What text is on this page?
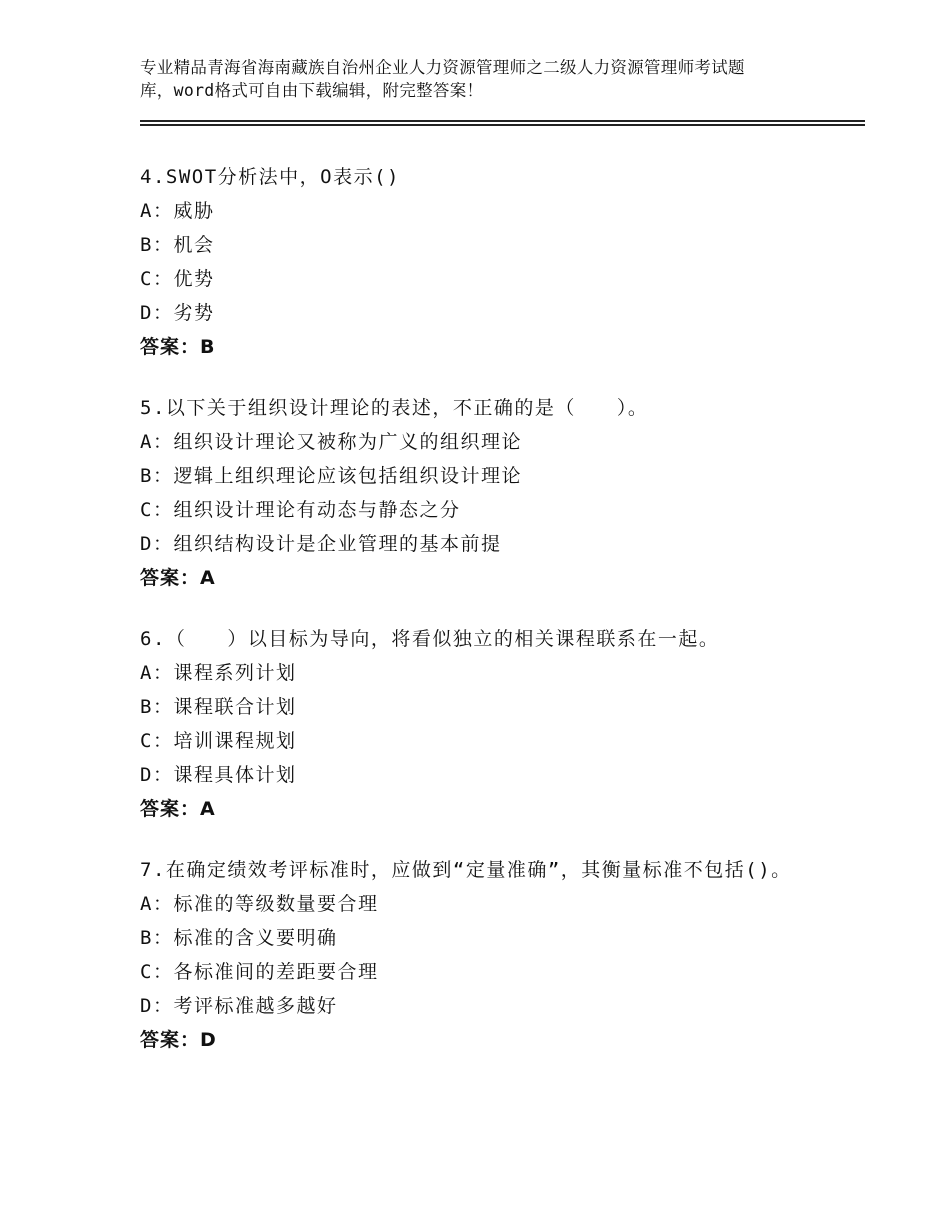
专业精品青海省海南藏族自治州企业人力资源管理师之二级人力资源管理师考试题
库，word格式可自由下载编辑，附完整答案！
4.SWOT分析法中，O表示()
A：威胁
B：机会
C：优势
D：劣势
答案：B
5.以下关于组织设计理论的表述，不正确的是（　　）。
A：组织设计理论又被称为广义的组织理论
B：逻辑上组织理论应该包括组织设计理论
C：组织设计理论有动态与静态之分
D：组织结构设计是企业管理的基本前提
答案：A
6.（　　）以目标为导向，将看似独立的相关课程联系在一起。
A：课程系列计划
B：课程联合计划
C：培训课程规划
D：课程具体计划
答案：A
7.在确定绩效考评标准时，应做到“定量准确”，其衡量标准不包括()。
A：标准的等级数量要合理
B：标准的含义要明确
C：各标准间的差距要合理
D：考评标准越多越好
答案：D
